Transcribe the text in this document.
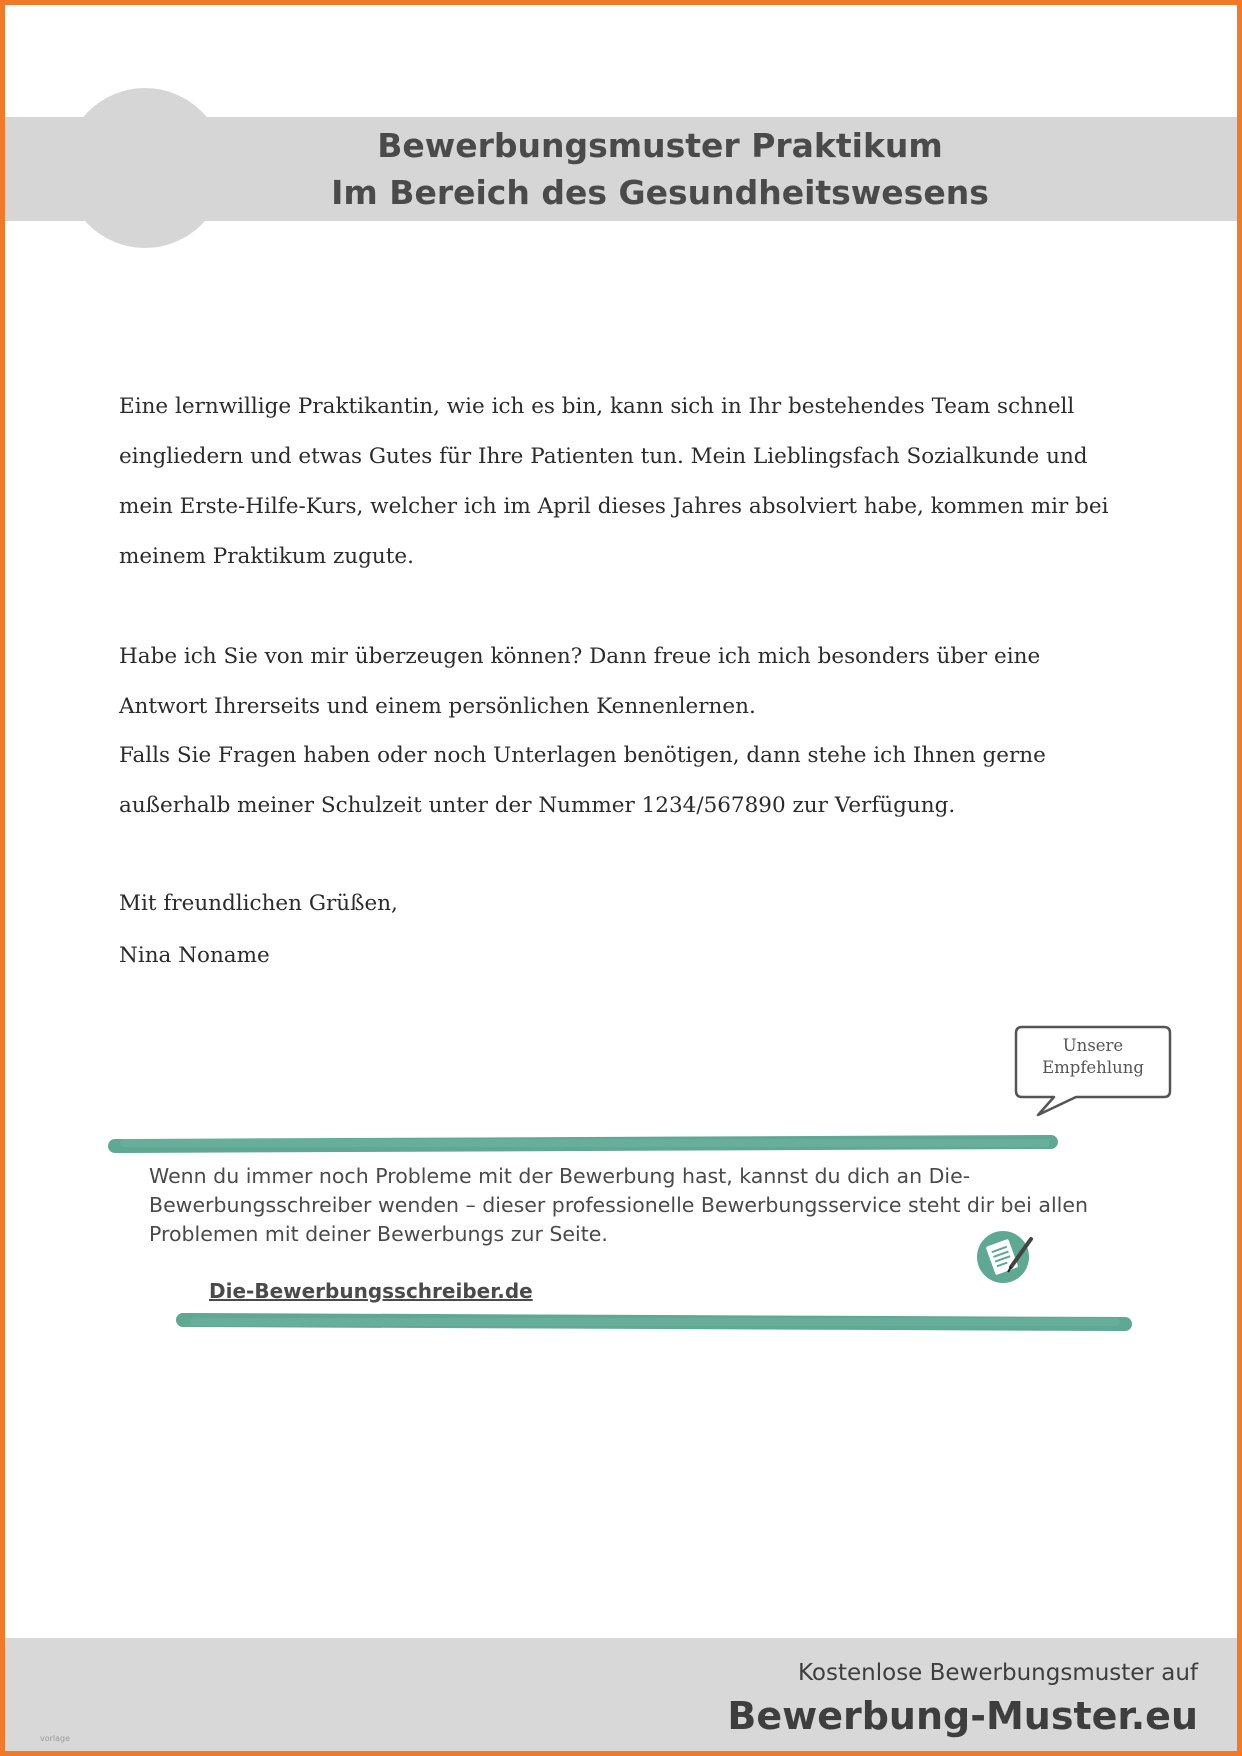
Bewerbungsmuster Praktikum
Im Bereich des Gesundheitswesens

Eine lernwillige Praktikantin, wie ich es bin, kann sich in Ihr bestehendes Team schnell eingliedern und etwas Gutes für Ihre Patienten tun. Mein Lieblingsfach Sozialkunde und mein Erste-Hilfe-Kurs, welcher ich im April dieses Jahres absolviert habe, kommen mir bei meinem Praktikum zugute.

Habe ich Sie von mir überzeugen können? Dann freue ich mich besonders über eine Antwort Ihrerseits und einem persönlichen Kennenlernen.

Falls Sie Fragen haben oder noch Unterlagen benötigen, dann stehe ich Ihnen gerne außerhalb meiner Schulzeit unter der Nummer 1234/567890 zur Verfügung.

Mit freundlichen Grüßen,
Nina Noname
Unsere
Empfehlung

Wenn du immer noch Probleme mit der Bewerbung hast, kannst du dich an Die-Bewerbungsschreiber wenden – dieser professionelle Bewerbungsservice steht dir bei allen Problemen mit deiner Bewerbungs zur Seite.

Die-Bewerbungsschreiber.de
vorlage
Kostenlose Bewerbungsmuster auf
Bewerbung-Muster.eu
